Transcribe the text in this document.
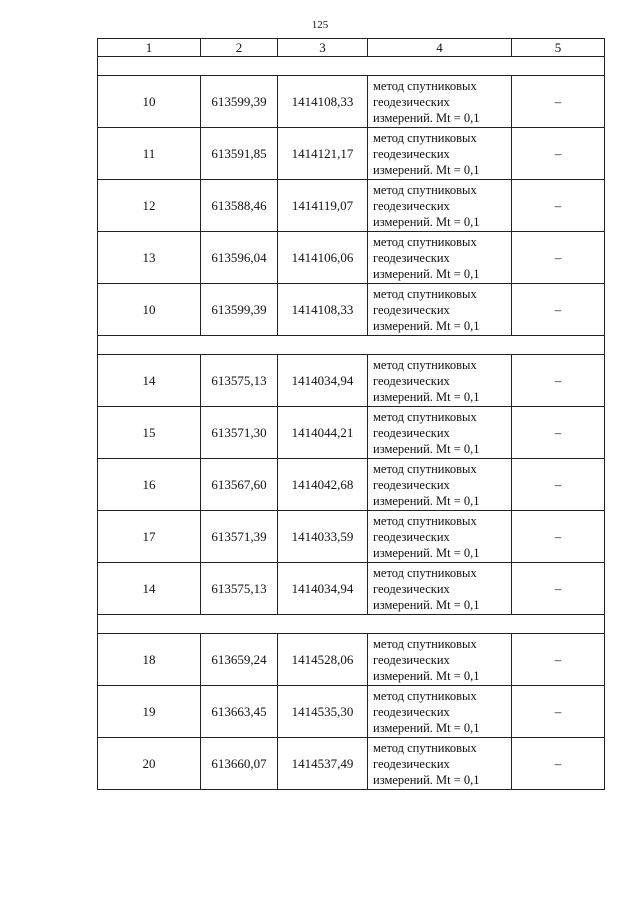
125
1	2	3	4	5

10	613599,39	1414108,33	метод спутниковых
геодезических
измерений. Mt = 0,1	–
11	613591,85	1414121,17	метод спутниковых
геодезических
измерений. Mt = 0,1	–
12	613588,46	1414119,07	метод спутниковых
геодезических
измерений. Mt = 0,1	–
13	613596,04	1414106,06	метод спутниковых
геодезических
измерений. Mt = 0,1	–
10	613599,39	1414108,33	метод спутниковых
геодезических
измерений. Mt = 0,1	–

14	613575,13	1414034,94	метод спутниковых
геодезических
измерений. Mt = 0,1	–
15	613571,30	1414044,21	метод спутниковых
геодезических
измерений. Mt = 0,1	–
16	613567,60	1414042,68	метод спутниковых
геодезических
измерений. Mt = 0,1	–
17	613571,39	1414033,59	метод спутниковых
геодезических
измерений. Mt = 0,1	–
14	613575,13	1414034,94	метод спутниковых
геодезических
измерений. Mt = 0,1	–

18	613659,24	1414528,06	метод спутниковых
геодезических
измерений. Mt = 0,1	–
19	613663,45	1414535,30	метод спутниковых
геодезических
измерений. Mt = 0,1	–
20	613660,07	1414537,49	метод спутниковых
геодезических
измерений. Mt = 0,1	–
